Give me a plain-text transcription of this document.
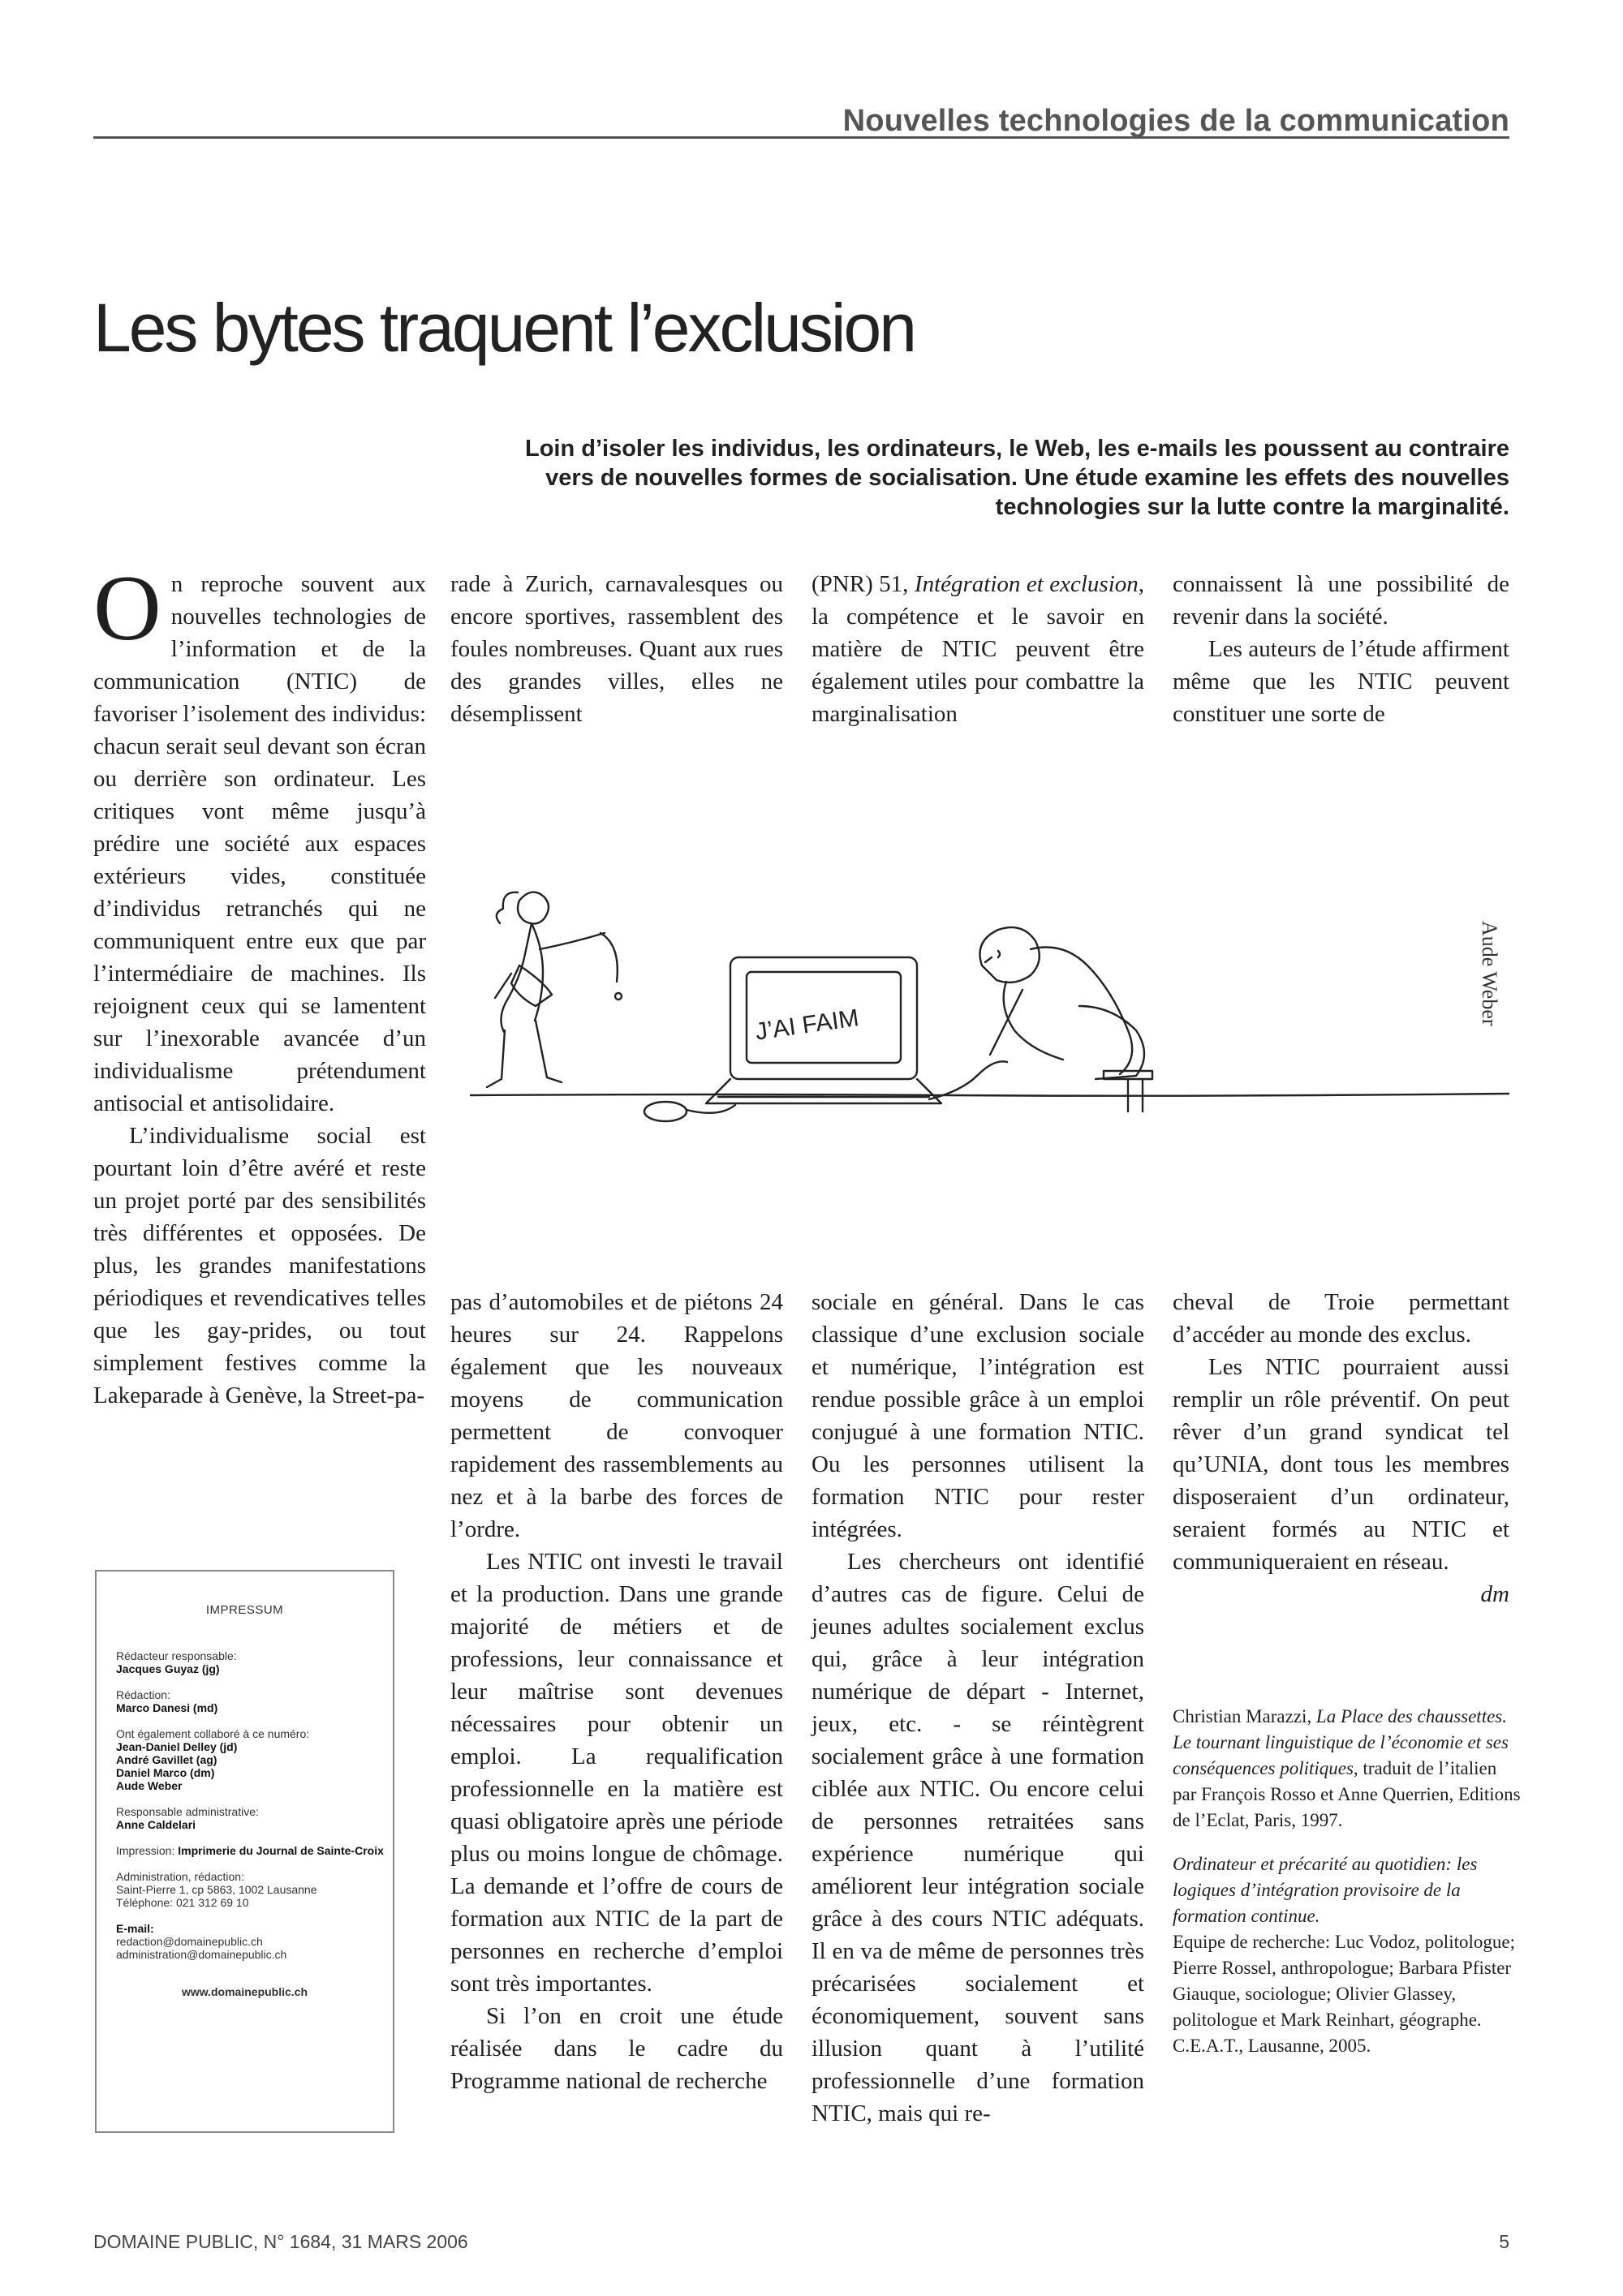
Nouvelles technologies de la communication
Les bytes traquent l’exclusion
Loin d’isoler les individus, les ordinateurs, le Web, les e-mails les poussent au contraire vers de nouvelles formes de socialisation. Une étude examine les effets des nouvelles technologies sur la lutte contre la marginalité.

On reproche souvent aux nouvelles technologies de l’information et de la communication (NTIC) de favoriser l’isolement des individus: chacun serait seul devant son écran ou derrière son ordinateur. Les critiques vont même jusqu’à prédire une société aux espaces extérieurs vides, constituée d’individus retranchés qui ne communiquent entre eux que par l’intermédiaire de machines. Ils rejoignent ceux qui se lamentent sur l’inexorable avancée d’un individualisme prétendument antisocial et antisolidaire.

L’individualisme social est pourtant loin d’être avéré et reste un projet porté par des sensibilités très différentes et opposées. De plus, les grandes manifestations périodiques et revendicatives telles que les gay-prides, ou tout simplement festives comme la Lakeparade à Genève, la Street-pa-

rade à Zurich, carnavalesques ou encore sportives, rassemblent des foules nombreuses. Quant aux rues des grandes villes, elles ne désemplissent

(PNR) 51, Intégration et exclusion, la compétence et le savoir en matière de NTIC peuvent être également utiles pour combattre la marginalisation

connaissent là une possibilité de revenir dans la société.

Les auteurs de l’étude affirment même que les NTIC peuvent constituer une sorte de

J’AI FAIM	Aude Weber

pas d’automobiles et de piétons 24 heures sur 24. Rappelons également que les nouveaux moyens de communication permettent de convoquer rapidement des rassemblements au nez et à la barbe des forces de l’ordre.

Les NTIC ont investi le travail et la production. Dans une grande majorité de métiers et de professions, leur connaissance et leur maîtrise sont devenues nécessaires pour obtenir un emploi. La requalification professionnelle en la matière est quasi obligatoire après une période plus ou moins longue de chômage. La demande et l’offre de cours de formation aux NTIC de la part de personnes en recherche d’emploi sont très importantes.

Si l’on en croit une étude réalisée dans le cadre du Programme national de recherche

sociale en général. Dans le cas classique d’une exclusion sociale et numérique, l’intégration est rendue possible grâce à un emploi conjugué à une formation NTIC. Ou les personnes utilisent la formation NTIC pour rester intégrées.

Les chercheurs ont identifié d’autres cas de figure. Celui de jeunes adultes socialement exclus qui, grâce à leur intégration numérique de départ - Internet, jeux, etc. - se réintègrent socialement grâce à une formation ciblée aux NTIC. Ou encore celui de personnes retraitées sans expérience numérique qui améliorent leur intégration sociale grâce à des cours NTIC adéquats. Il en va de même de personnes très précarisées socialement et économiquement, souvent sans illusion quant à l’utilité professionnelle d’une formation NTIC, mais qui re-

cheval de Troie permettant d’accéder au monde des exclus.

Les NTIC pourraient aussi remplir un rôle préventif. On peut rêver d’un grand syndicat tel qu’UNIA, dont tous les membres disposeraient d’un ordinateur, seraient formés au NTIC et communiqueraient en réseau.
dm

IMPRESSUM
Rédacteur responsable:
Jacques Guyaz (jg)
Rédaction:
Marco Danesi (md)
Ont également collaboré à ce numéro:
Jean-Daniel Delley (jd)
André Gavillet (ag)
Daniel Marco (dm)
Aude Weber
Responsable administrative:
Anne Caldelari
Impression: Imprimerie du Journal de Sainte-Croix
Administration, rédaction:
Saint-Pierre 1, cp 5863, 1002 Lausanne
Téléphone: 021 312 69 10
E-mail:
redaction@domainepublic.ch
administration@domainepublic.ch
www.domainepublic.ch

Christian Marazzi, La Place des chaussettes. Le tournant linguistique de l’économie et ses conséquences politiques, traduit de l’italien par François Rosso et Anne Querrien, Editions de l’Eclat, Paris, 1997.

Ordinateur et précarité au quotidien: les logiques d’intégration provisoire de la formation continue.
Equipe de recherche: Luc Vodoz, politologue; Pierre Rossel, anthropologue; Barbara Pfister Giauque, sociologue; Olivier Glassey, politologue et Mark Reinhart, géographe. C.E.A.T., Lausanne, 2005.

DOMAINE PUBLIC, N° 1684, 31 MARS 2006	5
